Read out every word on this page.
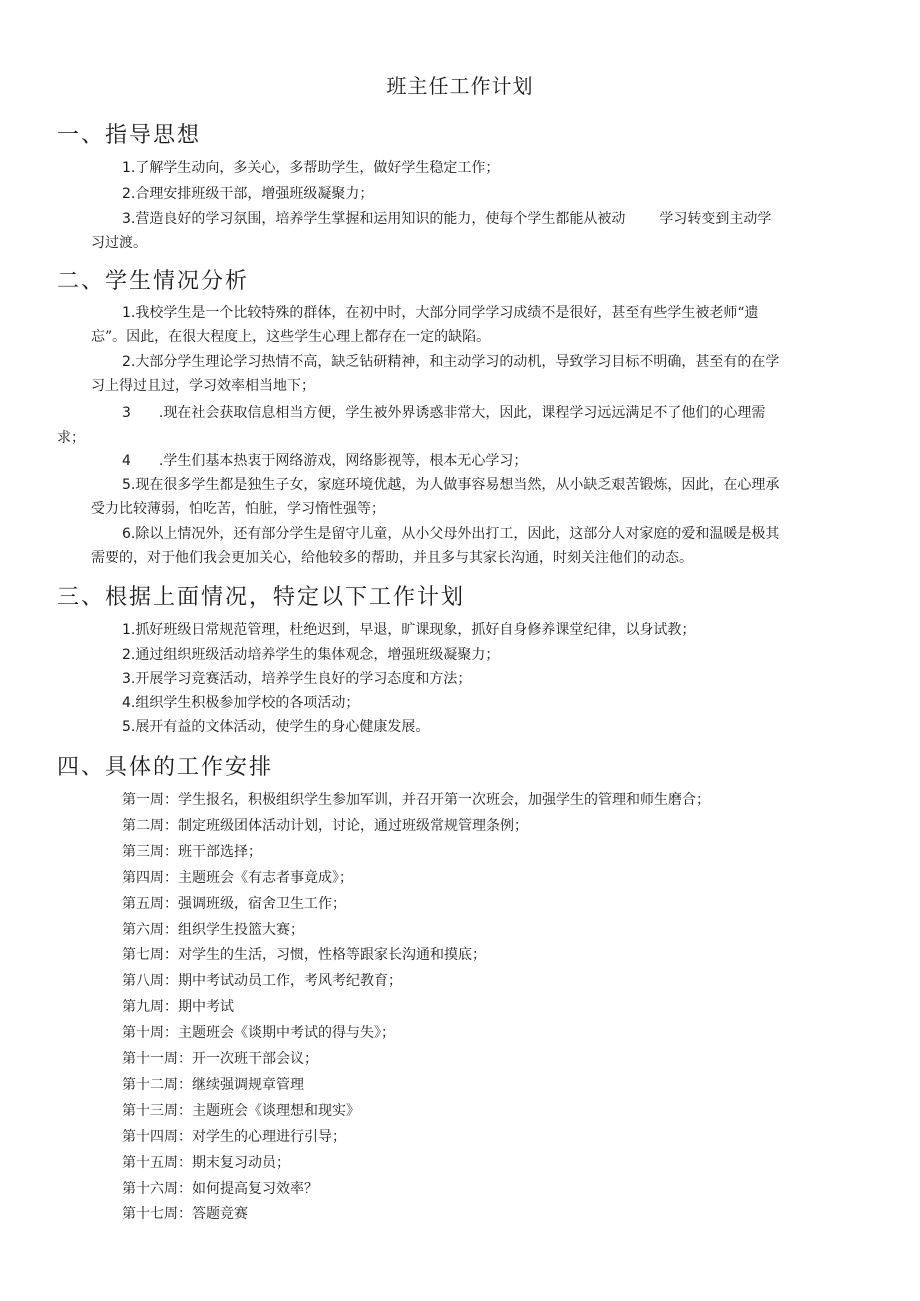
班主任工作计划
一、指导思想
1.了解学生动向，多关心，多帮助学生，做好学生稳定工作；
2.合理安排班级干部，增强班级凝聚力；
3.营造良好的学习氛围，培养学生掌握和运用知识的能力，使每个学生都能从被动 学习转变到主动学
习过渡。
二、学生情况分析
1.我校学生是一个比较特殊的群体，在初中时，大部分同学学习成绩不是很好，甚至有些学生被老师“遗
忘”。因此，在很大程度上，这些学生心理上都存在一定的缺陷。
2.大部分学生理论学习热情不高，缺乏钻研精神，和主动学习的动机，导致学习目标不明确，甚至有的在学
习上得过且过，学习效率相当地下；
3 .现在社会获取信息相当方便，学生被外界诱惑非常大，因此，课程学习远远满足不了他们的心理需
求；
4 .学生们基本热衷于网络游戏，网络影视等，根本无心学习；
5.现在很多学生都是独生子女，家庭环境优越，为人做事容易想当然，从小缺乏艰苦锻炼，因此，在心理承
受力比较薄弱，怕吃苦，怕脏，学习惰性强等；
6.除以上情况外，还有部分学生是留守儿童，从小父母外出打工，因此，这部分人对家庭的爱和温暖是极其
需要的，对于他们我会更加关心，给他较多的帮助，并且多与其家长沟通，时刻关注他们的动态。
三、根据上面情况，特定以下工作计划
1.抓好班级日常规范管理，杜绝迟到，早退，旷课现象，抓好自身修养课堂纪律，以身试教；
2.通过组织班级活动培养学生的集体观念，增强班级凝聚力；
3.开展学习竞赛活动，培养学生良好的学习态度和方法；
4.组织学生积极参加学校的各项活动；
5.展开有益的文体活动，使学生的身心健康发展。
四、具体的工作安排
第一周：学生报名，积极组织学生参加军训，并召开第一次班会，加强学生的管理和师生磨合；
第二周：制定班级团体活动计划，讨论，通过班级常规管理条例；
第三周：班干部选择；
第四周：主题班会《有志者事竟成》；
第五周：强调班级，宿舍卫生工作；
第六周：组织学生投篮大赛；
第七周：对学生的生活，习惯，性格等跟家长沟通和摸底；
第八周：期中考试动员工作，考风考纪教育；
第九周：期中考试
第十周：主题班会《谈期中考试的得与失》；
第十一周：开一次班干部会议；
第十二周：继续强调规章管理
第十三周：主题班会《谈理想和现实》
第十四周：对学生的心理进行引导；
第十五周：期末复习动员；
第十六周：如何提高复习效率？
第十七周：答题竞赛
